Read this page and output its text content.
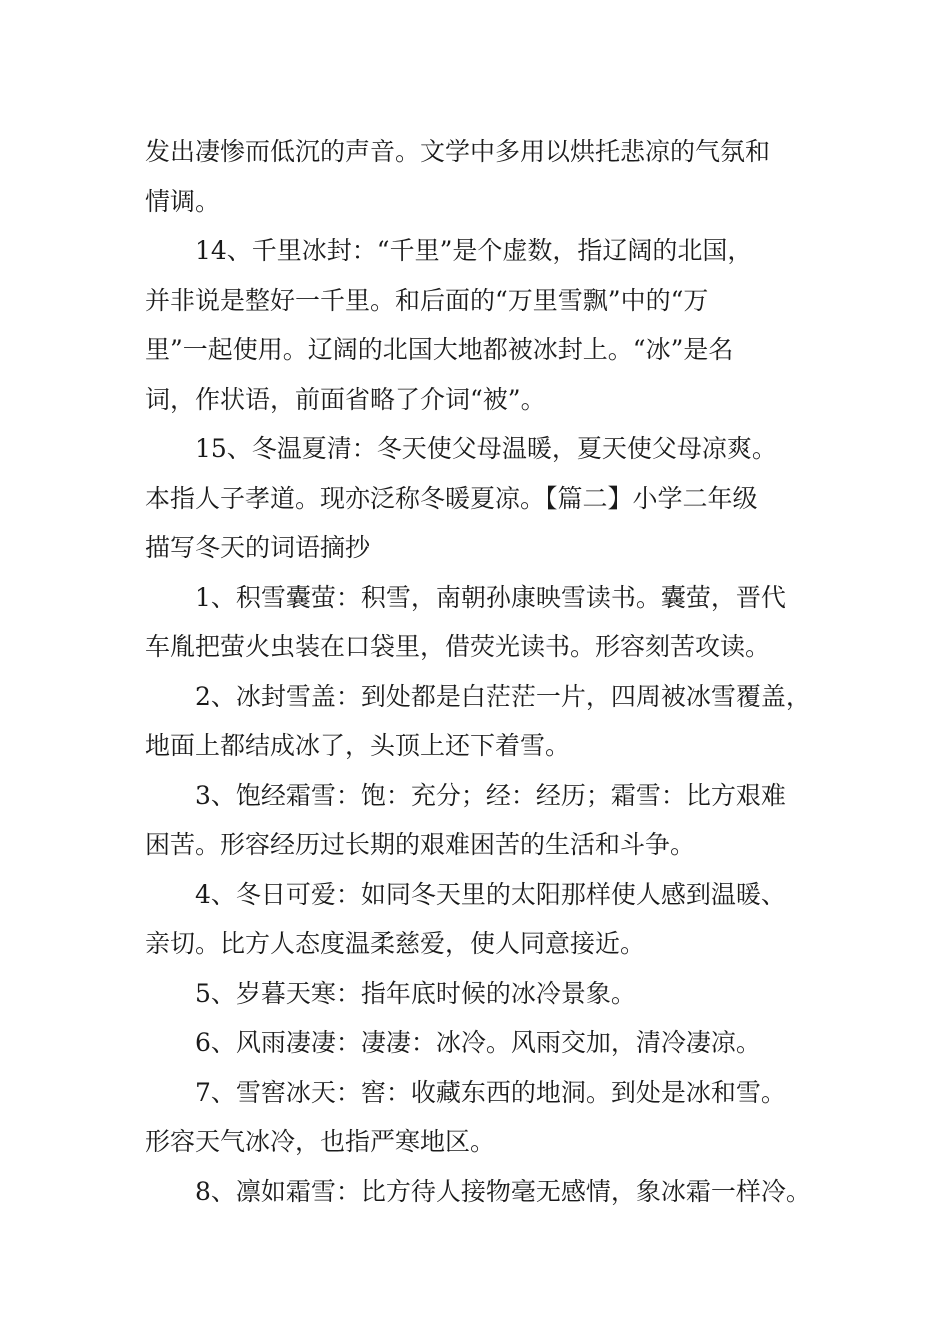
发出凄惨而低沉的声音。文学中多用以烘托悲凉的气氛和
情调。
14、千里冰封：“千里”是个虚数，指辽阔的北国，
并非说是整好一千里。和后面的“万里雪飘”中的“万
里”一起使用。辽阔的北国大地都被冰封上。“冰”是名
词，作状语，前面省略了介词“被”。
15、冬温夏清：冬天使父母温暖，夏天使父母凉爽。
本指人子孝道。现亦泛称冬暖夏凉。【篇二】小学二年级
描写冬天的词语摘抄
1、积雪囊萤：积雪，南朝孙康映雪读书。囊萤，晋代
车胤把萤火虫装在口袋里，借荧光读书。形容刻苦攻读。
2、冰封雪盖：到处都是白茫茫一片，四周被冰雪覆盖，
地面上都结成冰了，头顶上还下着雪。
3、饱经霜雪：饱：充分；经：经历；霜雪：比方艰难
困苦。形容经历过长期的艰难困苦的生活和斗争。
4、冬日可爱：如同冬天里的太阳那样使人感到温暖、
亲切。比方人态度温柔慈爱，使人同意接近。
5、岁暮天寒：指年底时候的冰冷景象。
6、风雨凄凄：凄凄：冰冷。风雨交加，清冷凄凉。
7、雪窖冰天：窖：收藏东西的地洞。到处是冰和雪。
形容天气冰冷，也指严寒地区。
8、凛如霜雪：比方待人接物毫无感情，象冰霜一样冷。
